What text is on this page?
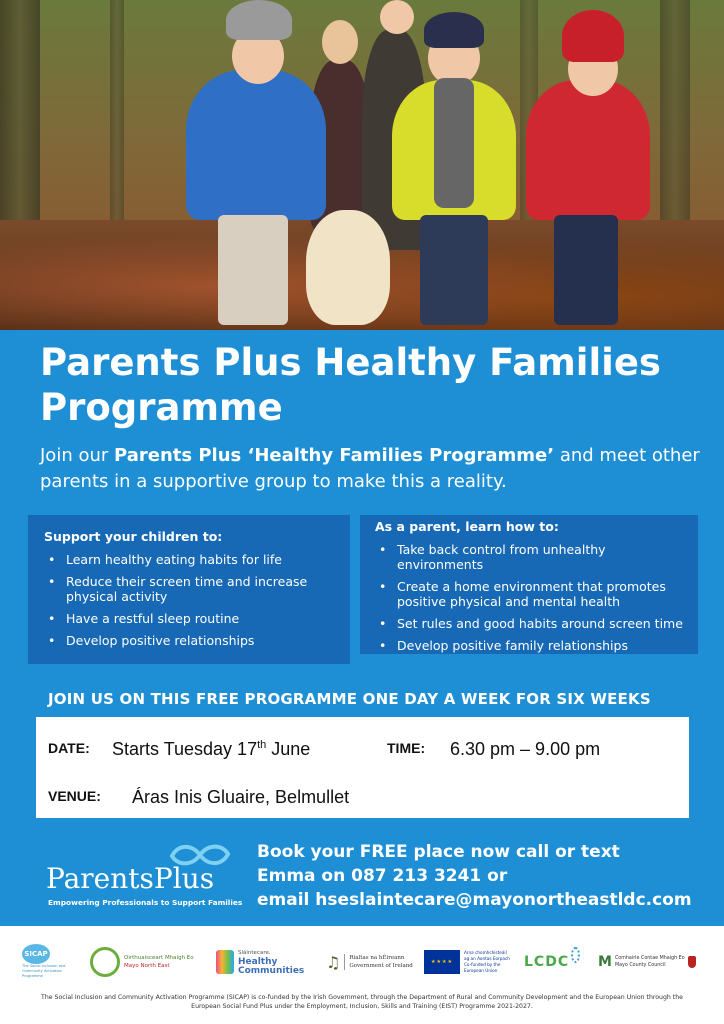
Parents Plus Healthy Families Programme

Join our Parents Plus ‘Healthy Families Programme’ and meet other parents in a supportive group to make this a reality.

Support your children to:
• Learn healthy eating habits for life
• Reduce their screen time and increase physical activity
• Have a restful sleep routine
• Develop positive relationships
As a parent, learn how to:
• Take back control from unhealthy environments
• Create a home environment that promotes positive physical and mental health
• Set rules and good habits around screen time
• Develop positive family relationships
JOIN US ON THIS FREE PROGRAMME ONE DAY A WEEK FOR SIX WEEKS
DATE: Starts Tuesday 17th June	TIME: 6.30 pm – 9.00 pm
VENUE: Áras Inis Gluaire, Belmullet
ParentsPlus
Empowering Professionals to Support Families
Book your FREE place now call or text
Emma on 087 213 3241 or
email hseslaintecare@mayonortheastldc.com
SICAP
The Social Inclusion and Community Activation Programme
Oirthuaisceart Mhaigh Eo
Mayo North East
Sláintecare.
Healthy
Communities ♫ Rialtas na hÉireann
Government of Ireland
★★★★
Arna chomhchisteáil ag an Aontas Eorpach
Co-funded by the European Union
LCDC M Comhairle Contae Mhaigh Eo
Mayo County Council
The Social Inclusion and Community Activation Programme (SICAP) is co-funded by the Irish Government, through the Department of Rural and Community Development and the European Union through the European Social Fund Plus under the Employment, Inclusion, Skills and Training (EIST) Programme 2021-2027.
